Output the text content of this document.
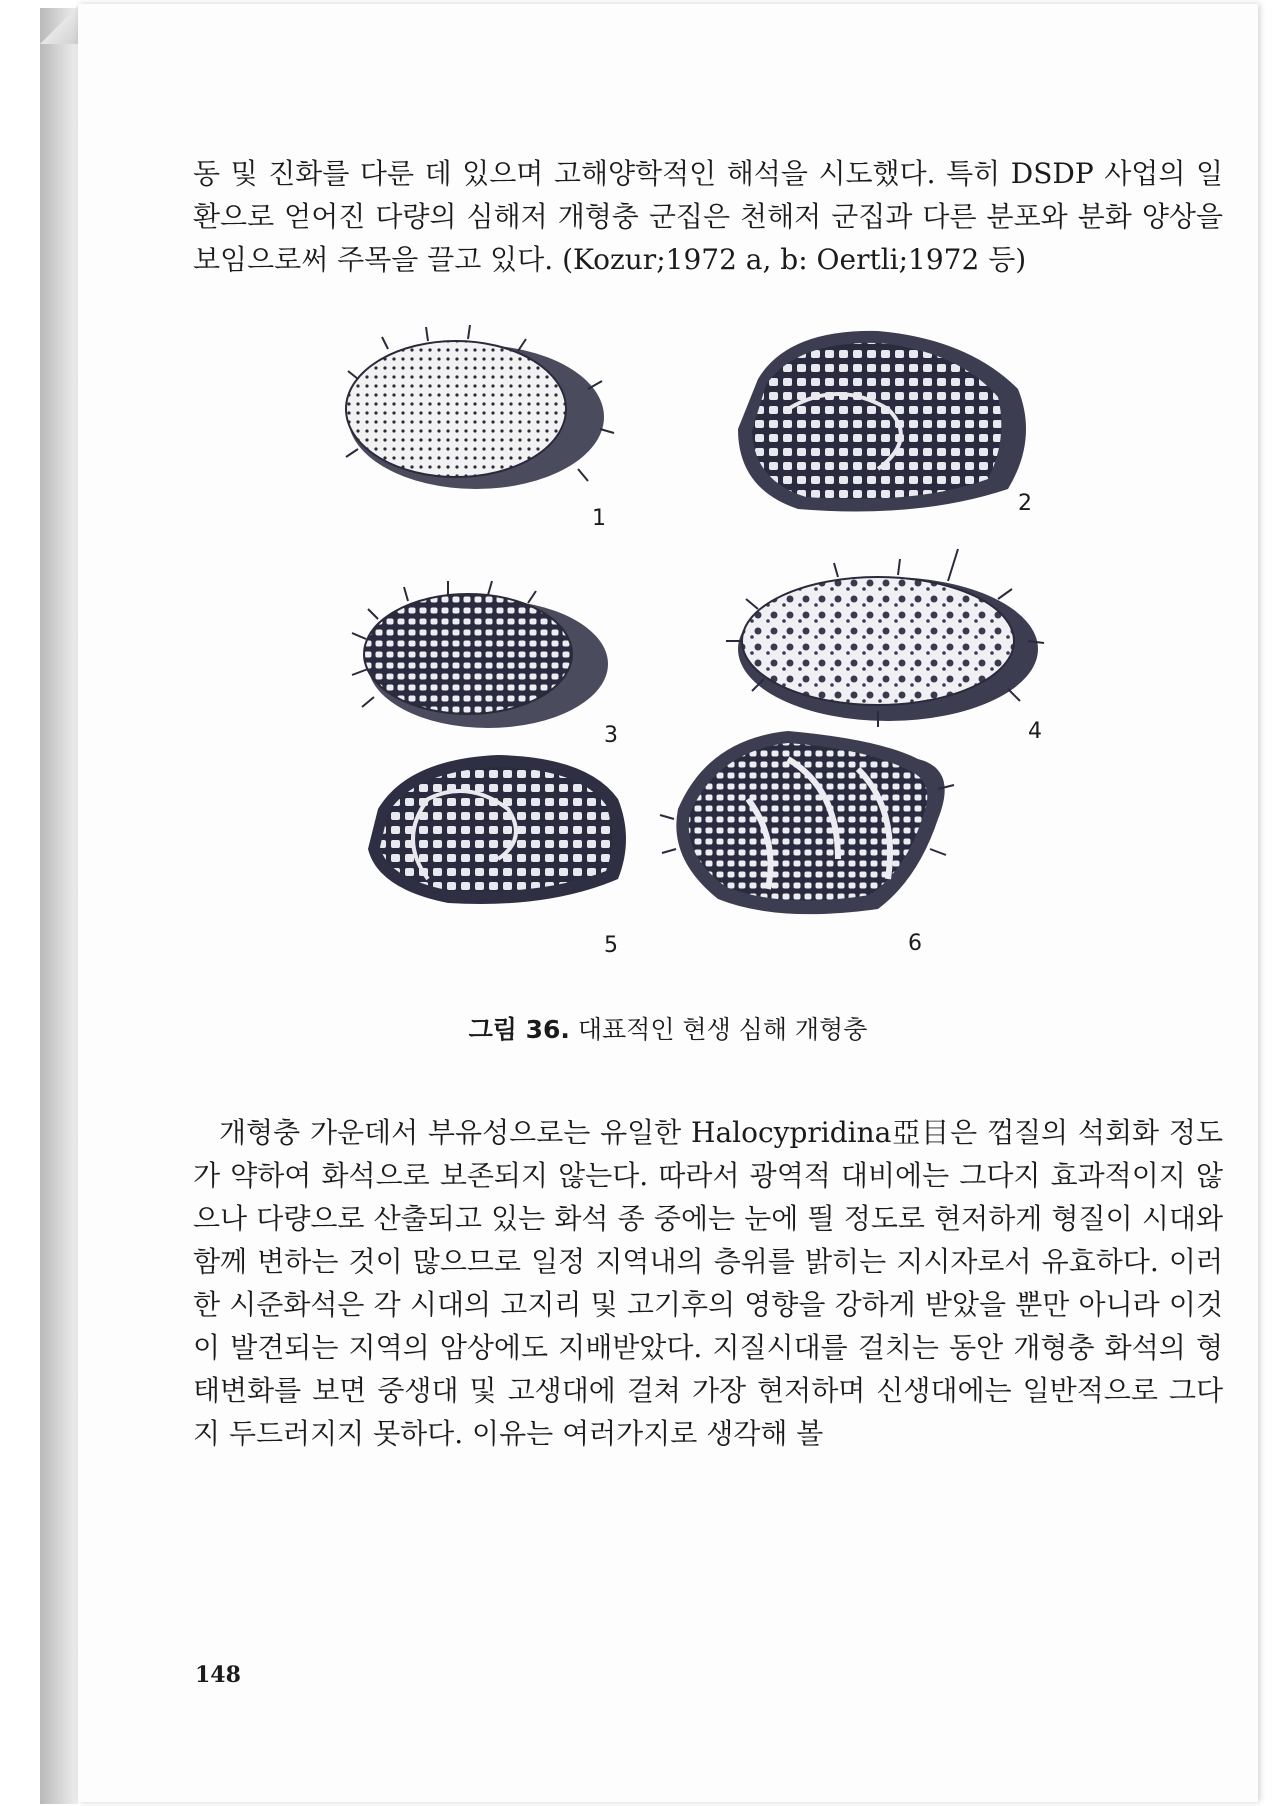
동 및 진화를 다룬 데 있으며 고해양학적인 해석을 시도했다. 특히 DSDP 사업의 일환으로 얻어진 다량의 심해저 개형충 군집은 천해저 군집과 다른 분포와 분화 양상을 보임으로써 주목을 끌고 있다. (Kozur;1972 a, b: Oertli;1972 등)

1
2
3	4
5	6
그림 36. 대표적인 현생 심해 개형충

개형충 가운데서 부유성으로는 유일한 Halocypridina亞目은 껍질의 석회화 정도가 약하여 화석으로 보존되지 않는다. 따라서 광역적 대비에는 그다지 효과적이지 않으나 다량으로 산출되고 있는 화석 종 중에는 눈에 띌 정도로 현저하게 형질이 시대와 함께 변하는 것이 많으므로 일정 지역내의 층위를 밝히는 지시자로서 유효하다. 이러한 시준화석은 각 시대의 고지리 및 고기후의 영향을 강하게 받았을 뿐만 아니라 이것이 발견되는 지역의 암상에도 지배받았다. 지질시대를 걸치는 동안 개형충 화석의 형태변화를 보면 중생대 및 고생대에 걸쳐 가장 현저하며 신생대에는 일반적으로 그다지 두드러지지 못하다. 이유는 여러가지로 생각해 볼

148
